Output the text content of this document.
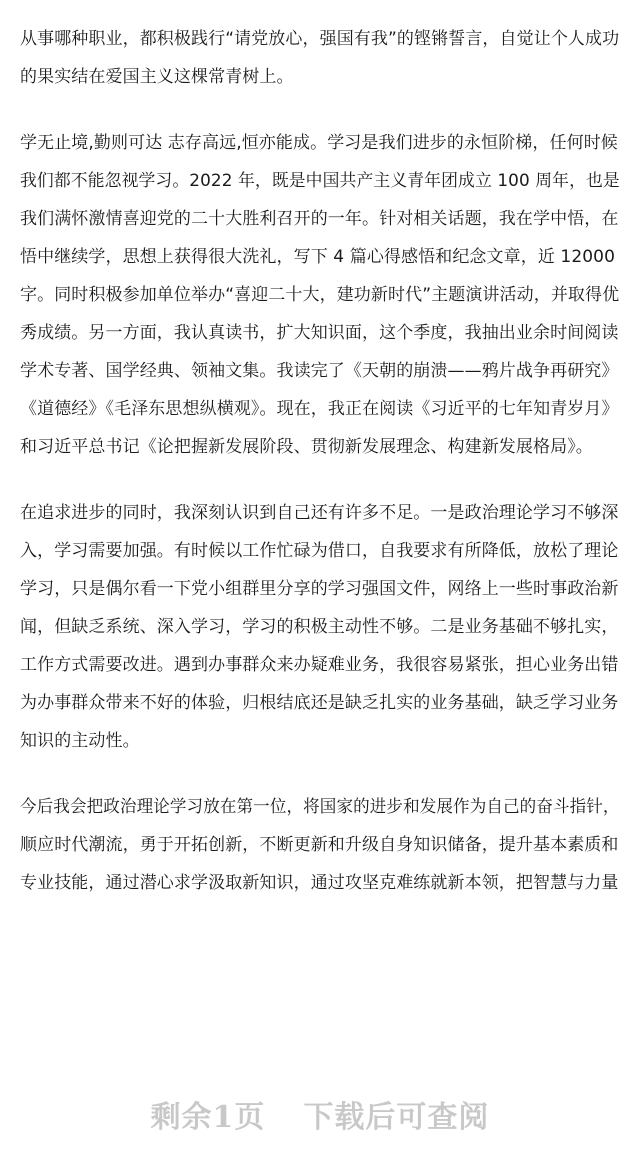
从事哪种职业，都积极践行“请党放心，强国有我”的铿锵誓言，自觉让个人成功
的果实结在爱国主义这棵常青树上。
学无止境,勤则可达 志存高远,恒亦能成。学习是我们进步的永恒阶梯，任何时候
我们都不能忽视学习。2022 年，既是中国共产主义青年团成立 100 周年，也是
我们满怀激情喜迎党的二十大胜利召开的一年。针对相关话题，我在学中悟，在
悟中继续学，思想上获得很大洗礼，写下 4 篇心得感悟和纪念文章，近 12000
字。同时积极参加单位举办“喜迎二十大，建功新时代”主题演讲活动，并取得优
秀成绩。另一方面，我认真读书，扩大知识面，这个季度，我抽出业余时间阅读
学术专著、国学经典、领袖文集。我读完了《天朝的崩溃——鸦片战争再研究》
《道德经》《毛泽东思想纵横观》。现在，我正在阅读《习近平的七年知青岁月》
和习近平总书记《论把握新发展阶段、贯彻新发展理念、构建新发展格局》。
在追求进步的同时，我深刻认识到自己还有许多不足。一是政治理论学习不够深
入，学习需要加强。有时候以工作忙碌为借口，自我要求有所降低，放松了理论
学习，只是偶尔看一下党小组群里分享的学习强国文件，网络上一些时事政治新
闻，但缺乏系统、深入学习，学习的积极主动性不够。二是业务基础不够扎实，
工作方式需要改进。遇到办事群众来办疑难业务，我很容易紧张，担心业务出错
为办事群众带来不好的体验，归根结底还是缺乏扎实的业务基础，缺乏学习业务
知识的主动性。
今后我会把政治理论学习放在第一位，将国家的进步和发展作为自己的奋斗指针，
顺应时代潮流，勇于开拓创新，不断更新和升级自身知识储备，提升基本素质和
专业技能，通过潜心求学汲取新知识，通过攻坚克难练就新本领，把智慧与力量
剩余1页 下载后可查阅
